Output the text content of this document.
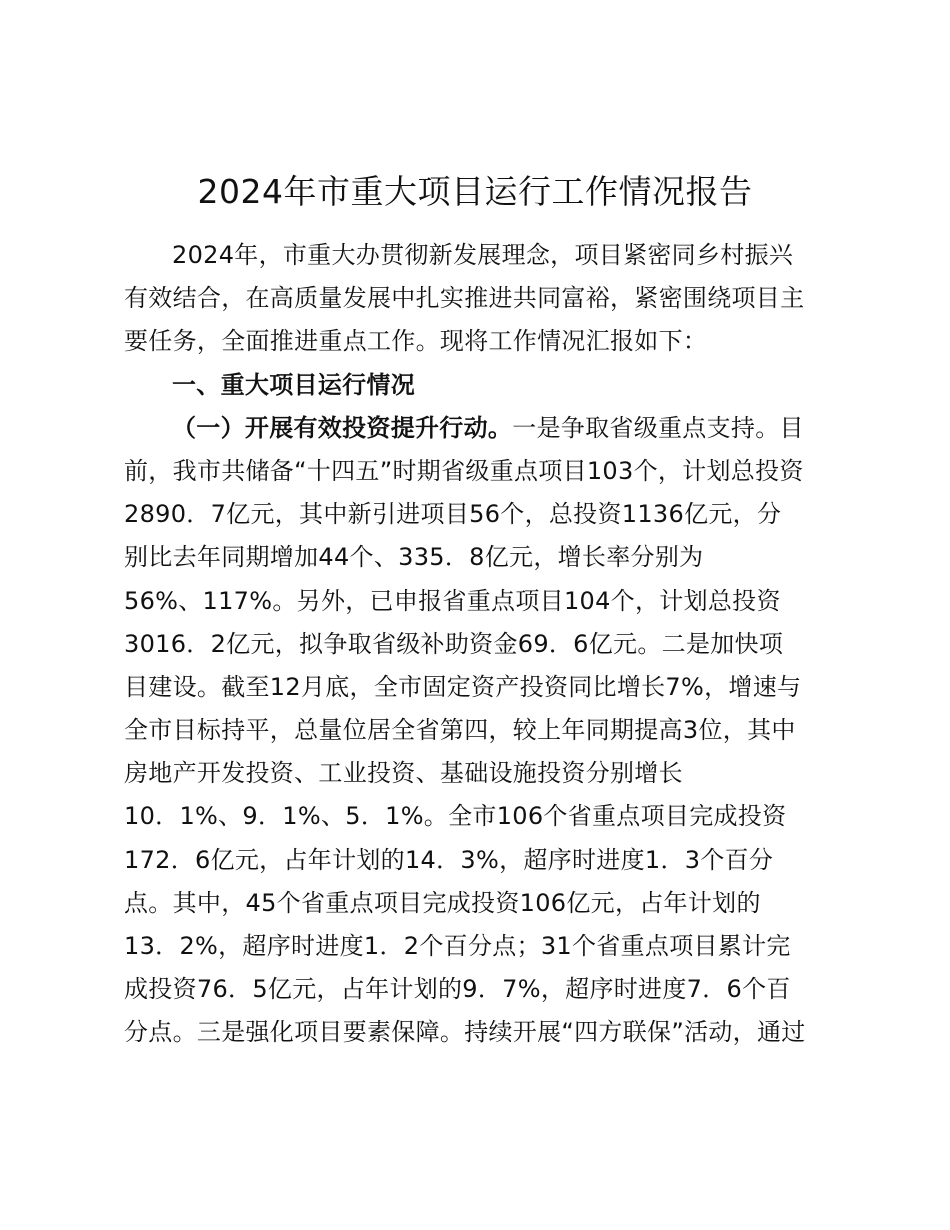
2024年市重大项目运行工作情况报告
2024年，市重大办贯彻新发展理念，项目紧密同乡村振兴
有效结合，在高质量发展中扎实推进共同富裕，紧密围绕项目主
要任务，全面推进重点工作。现将工作情况汇报如下：
一、重大项目运行情况
（一）开展有效投资提升行动。一是争取省级重点支持。目
前，我市共储备“十四五”时期省级重点项目103个，计划总投资
2890．7亿元，其中新引进项目56个，总投资1136亿元，分
别比去年同期增加44个、335．8亿元，增长率分别为
56%、117%。另外，已申报省重点项目104个，计划总投资
3016．2亿元，拟争取省级补助资金69．6亿元。二是加快项
目建设。截至12月底，全市固定资产投资同比增长7%，增速与
全市目标持平，总量位居全省第四，较上年同期提高3位，其中
房地产开发投资、工业投资、基础设施投资分别增长
10．1%、9．1%、5．1%。全市106个省重点项目完成投资
172．6亿元，占年计划的14．3%，超序时进度1．3个百分
点。其中，45个省重点项目完成投资106亿元，占年计划的
13．2%，超序时进度1．2个百分点；31个省重点项目累计完
成投资76．5亿元，占年计划的9．7%，超序时进度7．6个百
分点。三是强化项目要素保障。持续开展“四方联保”活动，通过
